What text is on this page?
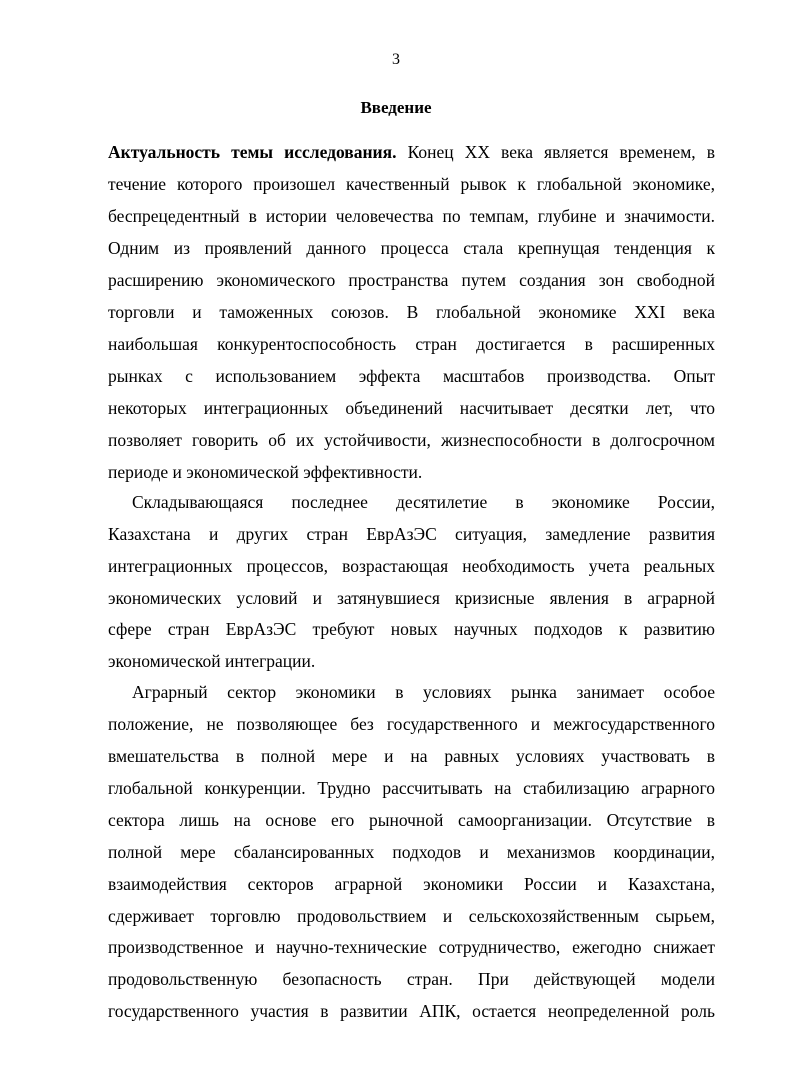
3
Введение
Актуальность темы исследования. Конец XX века является временем, в
течение которого произошел качественный рывок к глобальной экономике,
беспрецедентный в истории человечества по темпам, глубине и значимости.
Одним из проявлений данного процесса стала крепнущая тенденция к
расширению экономического пространства путем создания зон свободной
торговли и таможенных союзов. В глобальной экономике XXI века
наибольшая конкурентоспособность стран достигается в расширенных
рынках с использованием эффекта масштабов производства. Опыт
некоторых интеграционных объединений насчитывает десятки лет, что
позволяет говорить об их устойчивости, жизнеспособности в долгосрочном
периоде и экономической эффективности.
Складывающаяся последнее десятилетие в экономике России,
Казахстана и других стран ЕврАзЭС ситуация, замедление развития
интеграционных процессов, возрастающая необходимость учета реальных
экономических условий и затянувшиеся кризисные явления в аграрной
сфере стран ЕврАзЭС требуют новых научных подходов к развитию
экономической интеграции.
Аграрный сектор экономики в условиях рынка занимает особое
положение, не позволяющее без государственного и межгосударственного
вмешательства в полной мере и на равных условиях участвовать в
глобальной конкуренции. Трудно рассчитывать на стабилизацию аграрного
сектора лишь на основе его рыночной самоорганизации. Отсутствие в
полной мере сбалансированных подходов и механизмов координации,
взаимодействия секторов аграрной экономики России и Казахстана,
сдерживает торговлю продовольствием и сельскохозяйственным сырьем,
производственное и научно-технические сотрудничество, ежегодно снижает
продовольственную безопасность стран. При действующей модели
государственного участия в развитии АПК, остается неопределенной роль
